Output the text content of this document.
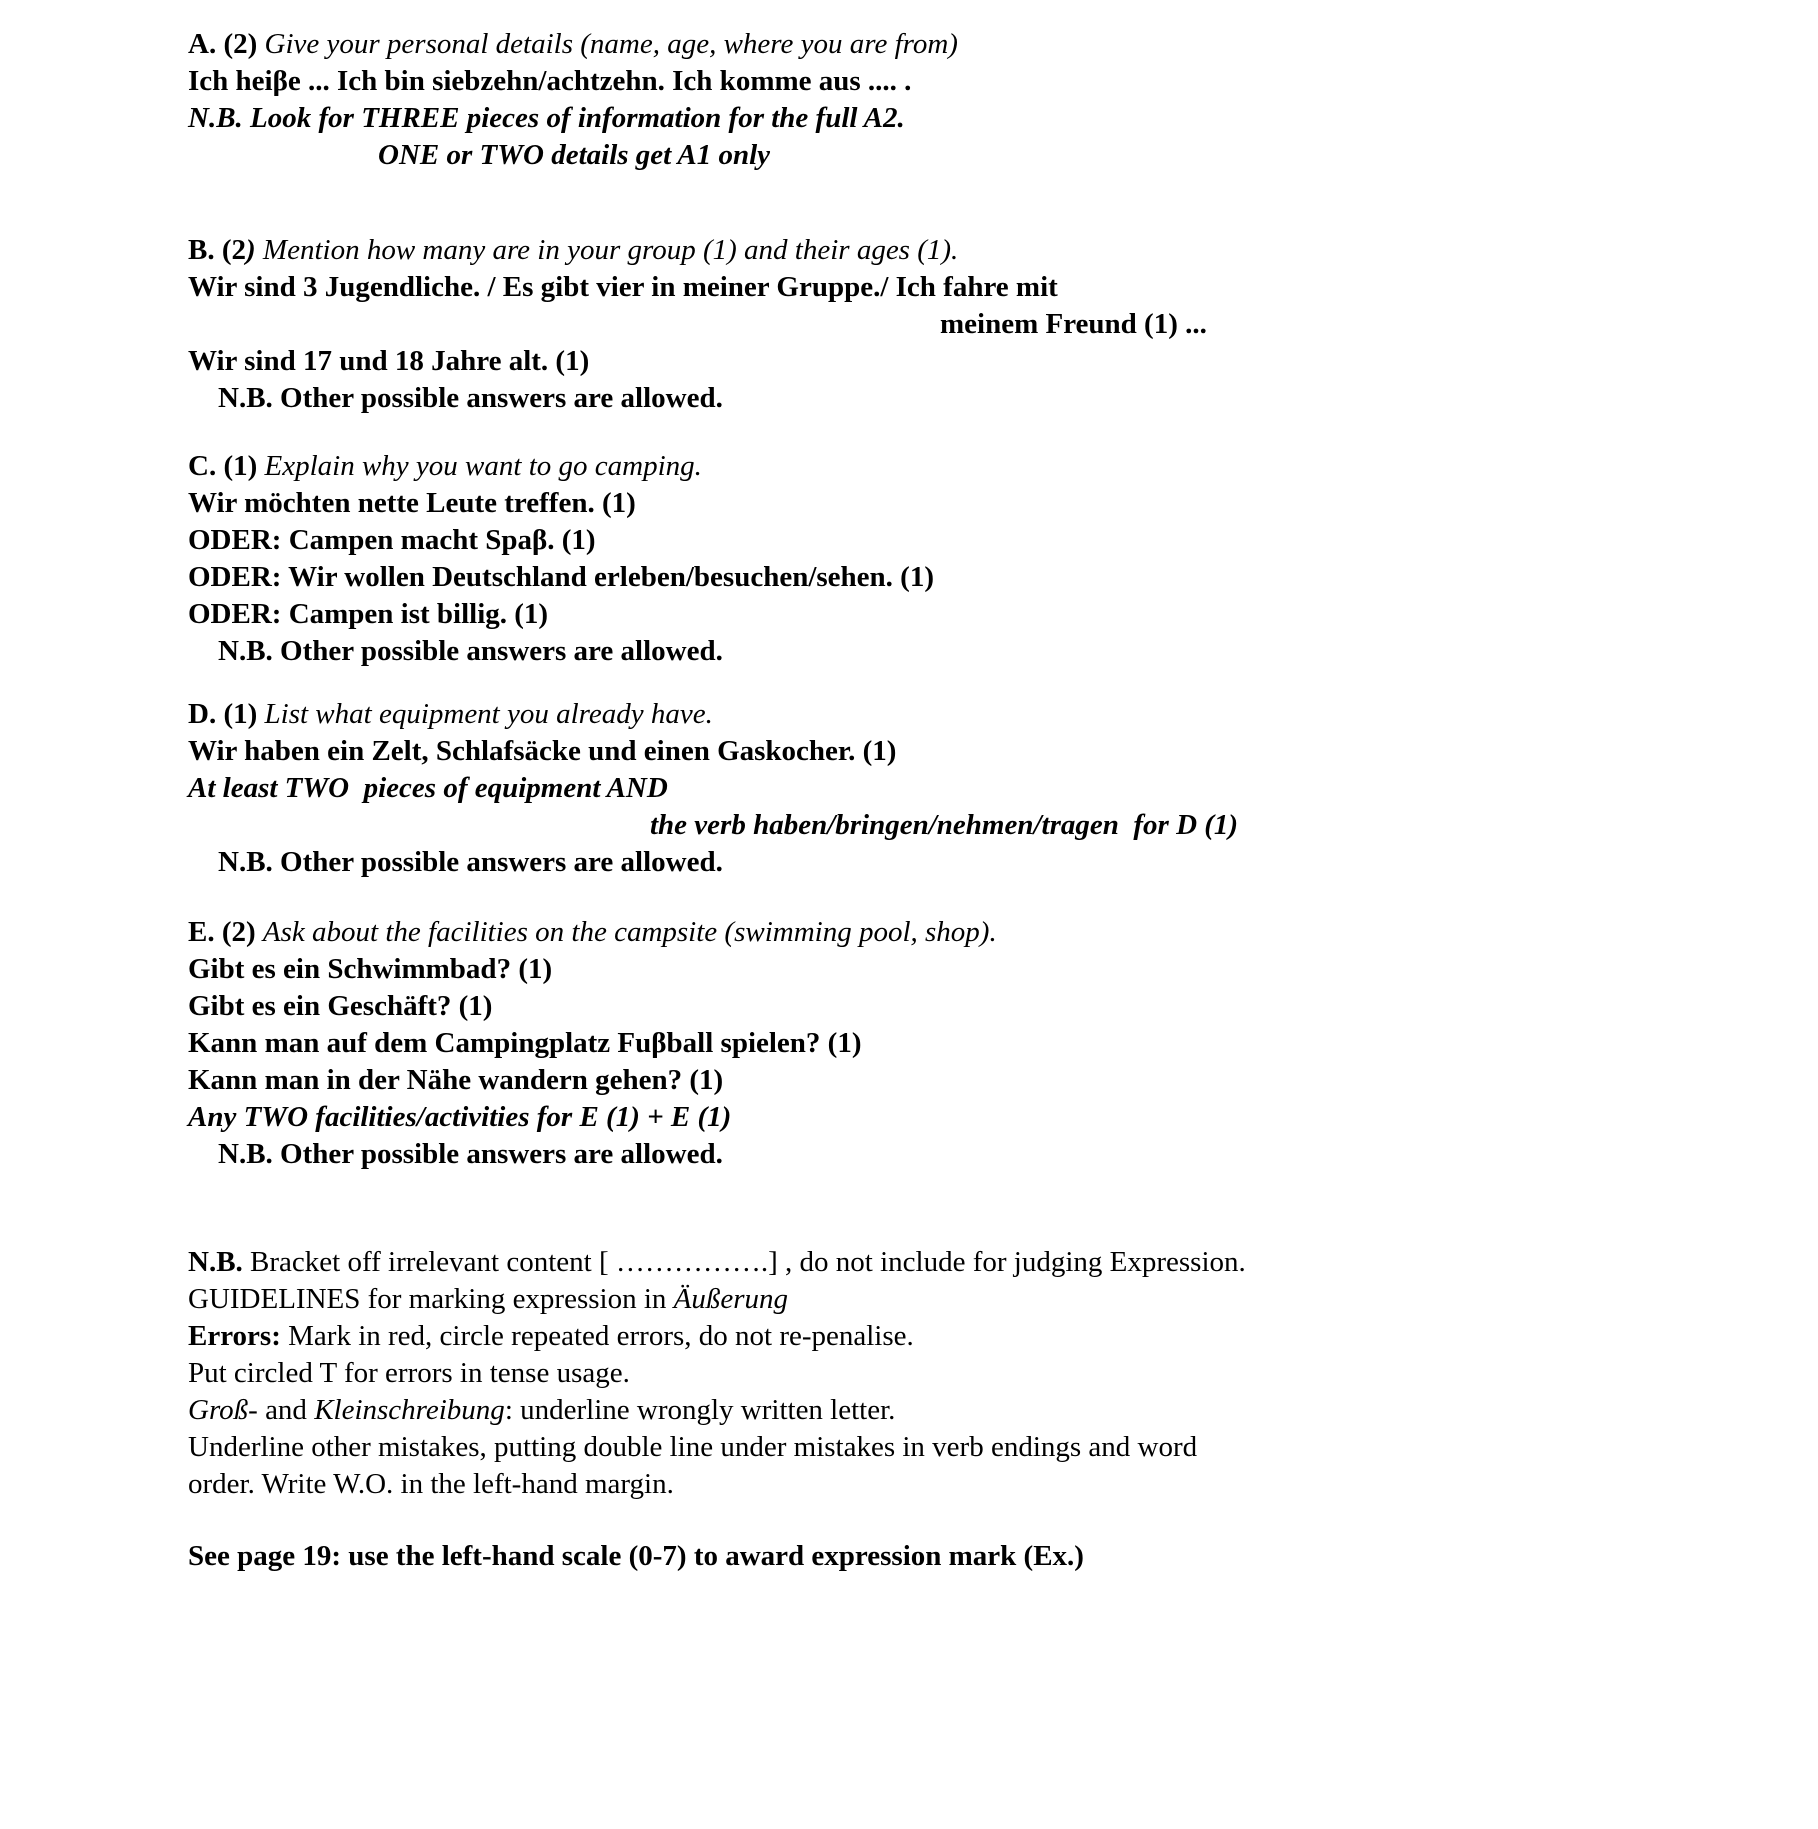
A. (2) Give your personal details (name, age, where you are from)
Ich heiβe ... Ich bin siebzehn/achtzehn. Ich komme aus .... .
N.B. Look for THREE pieces of information for the full A2.
ONE or TWO details get A1 only
B. (2) Mention how many are in your group (1) and their ages (1).
Wir sind 3 Jugendliche. / Es gibt vier in meiner Gruppe./ Ich fahre mit
meinem Freund (1) ...
Wir sind 17 und 18 Jahre alt. (1)
N.B. Other possible answers are allowed.
C. (1) Explain why you want to go camping.
Wir möchten nette Leute treffen. (1)
ODER: Campen macht Spaβ. (1)
ODER: Wir wollen Deutschland erleben/besuchen/sehen. (1)
ODER: Campen ist billig. (1)
N.B. Other possible answers are allowed.
D. (1) List what equipment you already have.
Wir haben ein Zelt, Schlafsäcke und einen Gaskocher. (1)
At least TWO  pieces of equipment AND
the verb haben/bringen/nehmen/tragen  for D (1)
N.B. Other possible answers are allowed.
E. (2) Ask about the facilities on the campsite (swimming pool, shop).
Gibt es ein Schwimmbad? (1)
Gibt es ein Geschäft? (1)
Kann man auf dem Campingplatz Fuβball spielen? (1)
Kann man in der Nähe wandern gehen? (1)
Any TWO facilities/activities for E (1) + E (1)
N.B. Other possible answers are allowed.
N.B. Bracket off irrelevant content [ …………….] , do not include for judging Expression.
GUIDELINES for marking expression in Äußerung
Errors: Mark in red, circle repeated errors, do not re-penalise.
Put circled T for errors in tense usage.
Groß- and Kleinschreibung: underline wrongly written letter.
Underline other mistakes, putting double line under mistakes in verb endings and word
order. Write W.O. in the left-hand margin.
See page 19: use the left-hand scale (0-7) to award expression mark (Ex.)
